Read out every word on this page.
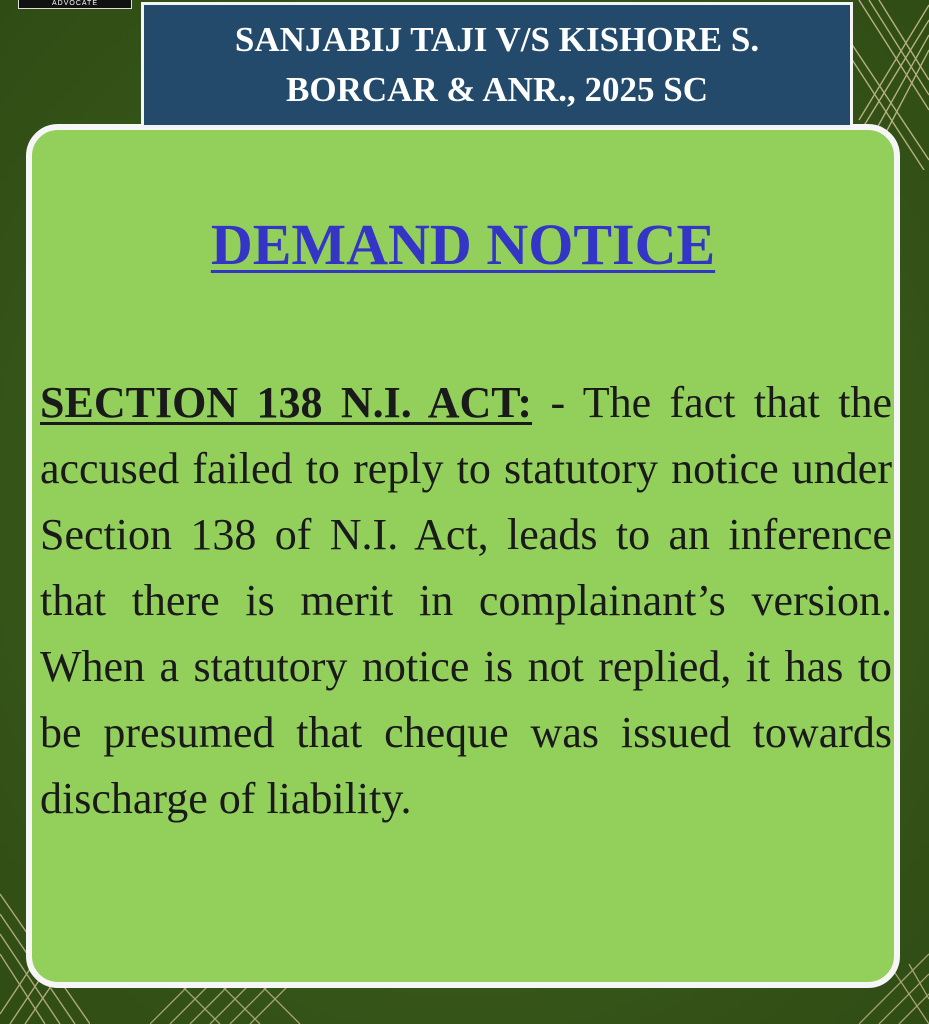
ADVOCATE

SANJABIJ TAJI V/S KISHORE S.
BORCAR & ANR., 2025 SC

DEMAND NOTICE

SECTION 138 N.I. ACT: - The fact that the accused failed to reply to statutory notice under Section 138 of N.I. Act, leads to an inference that there is merit in complainant’s version. When a statutory notice is not replied, it has to be presumed that cheque was issued towards discharge of liability.
